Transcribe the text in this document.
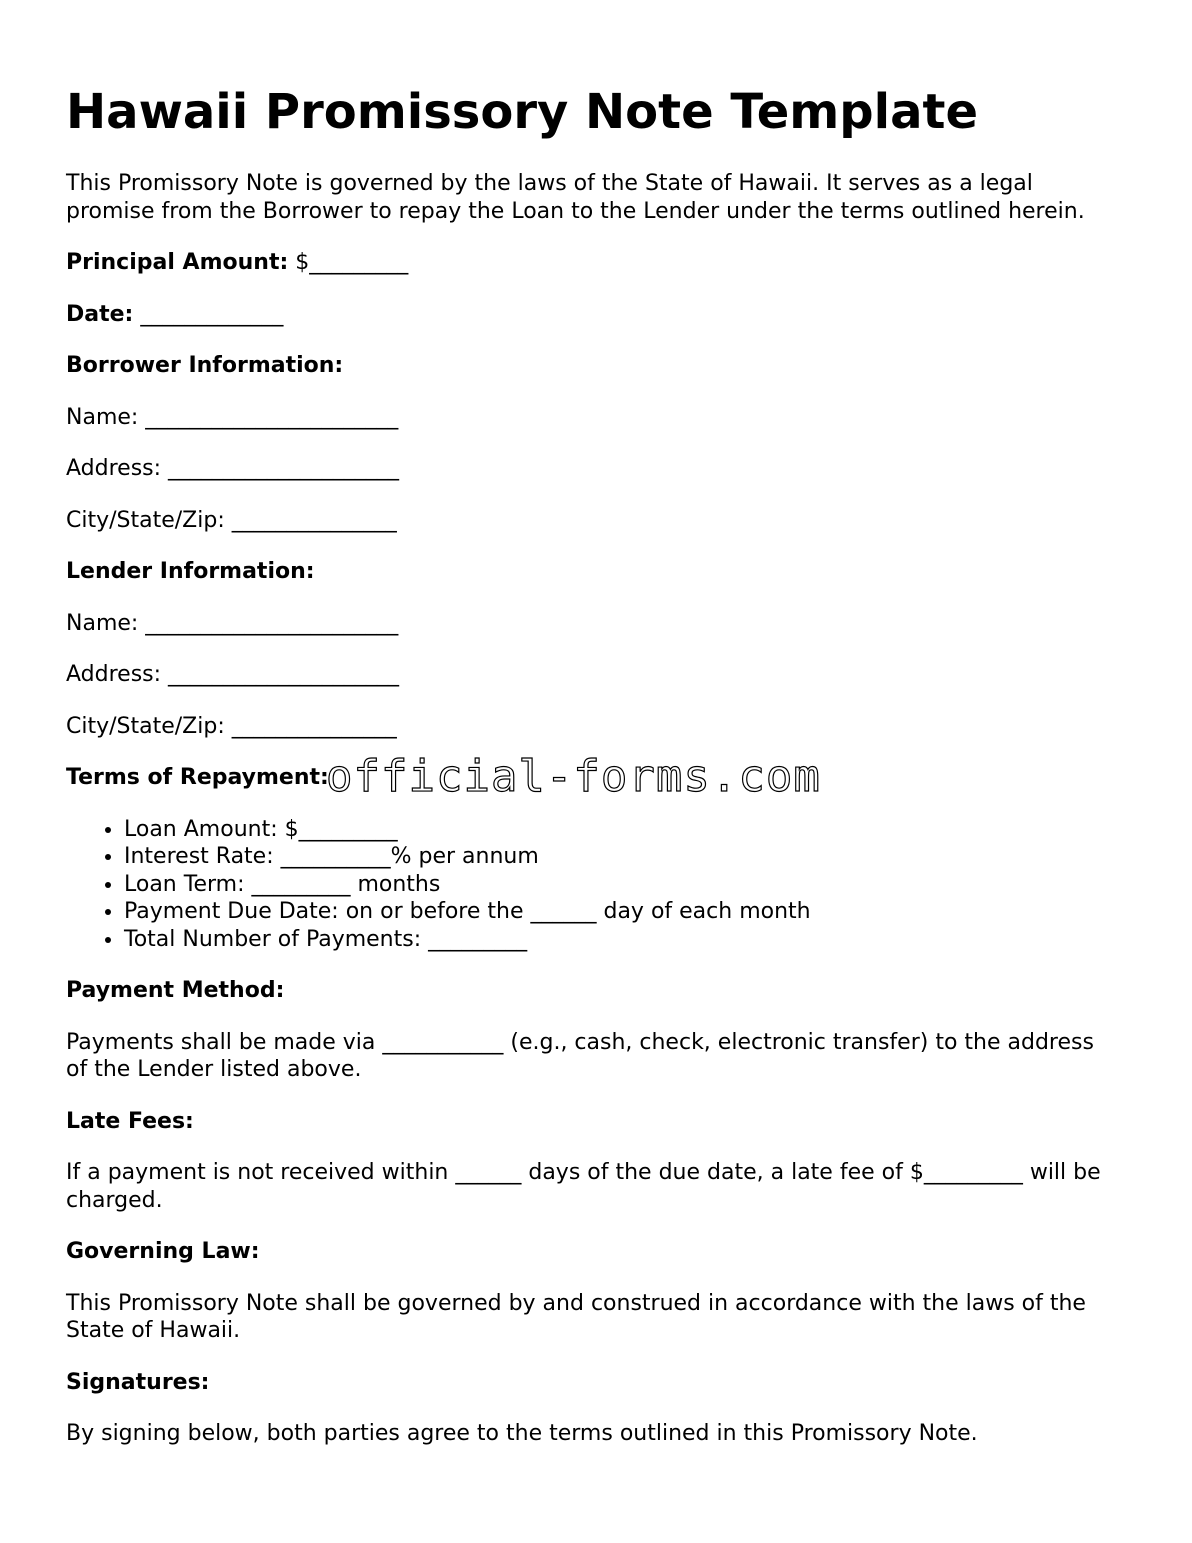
Hawaii Promissory Note Template

This Promissory Note is governed by the laws of the State of Hawaii. It serves as a legal promise from the Borrower to repay the Loan to the Lender under the terms outlined herein.

Principal Amount: $_________

Date: _____________

Borrower Information:

Name: _______________________

Address: _____________________

City/State/Zip: _______________

Lender Information:

Name: _______________________

Address: _____________________

City/State/Zip: _______________

Terms of Repayment:
• Loan Amount: $_________
• Interest Rate: __________% per annum
• Loan Term: _________ months
• Payment Due Date: on or before the ______ day of each month
• Total Number of Payments: _________
Payment Method:

Payments shall be made via ___________ (e.g., cash, check, electronic transfer) to the address of the Lender listed above.

Late Fees:

If a payment is not received within ______ days of the due date, a late fee of $_________ will be charged.

Governing Law:

This Promissory Note shall be governed by and construed in accordance with the laws of the State of Hawaii.

Signatures:

By signing below, both parties agree to the terms outlined in this Promissory Note.

official-forms.com
